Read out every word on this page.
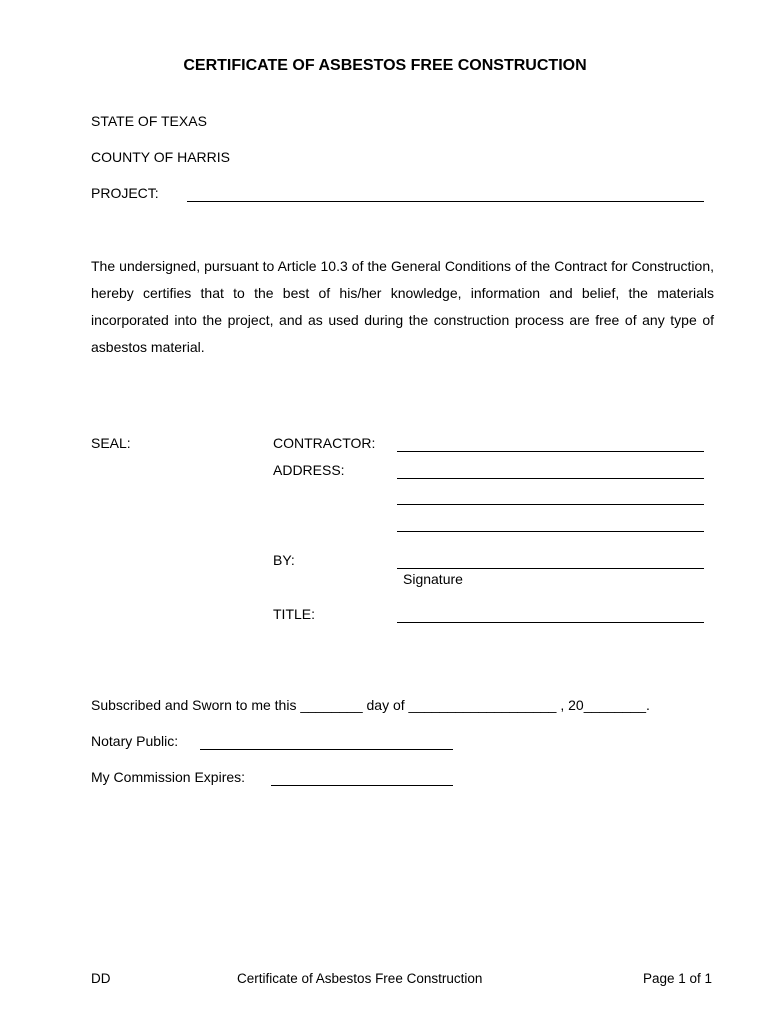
CERTIFICATE OF ASBESTOS FREE CONSTRUCTION
STATE OF TEXAS
COUNTY OF HARRIS
PROJECT:
The undersigned, pursuant to Article 10.3 of the General Conditions of the Contract for Construction, hereby certifies that to the best of his/her knowledge, information and belief, the materials incorporated into the project, and as used during the construction process are free of any type of asbestos material.
SEAL:	CONTRACTOR:
ADDRESS:
BY:
Signature
TITLE:
Subscribed and Sworn to me this ________ day of ___________________ , 20________.
Notary Public:
My Commission Expires:
DD	Certificate of Asbestos Free Construction	Page 1 of 1
